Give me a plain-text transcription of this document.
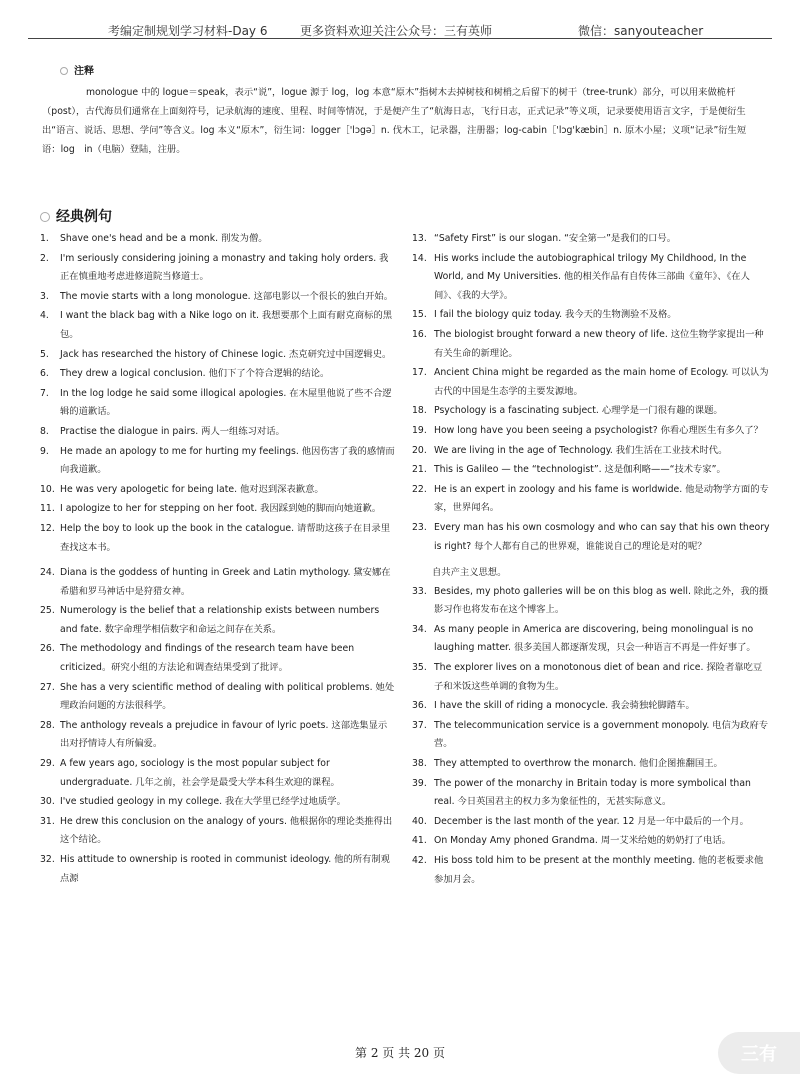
考编定制规划学习材料-Day 6	更多资料欢迎关注公众号：三有英师	微信：sanyouteacher
注释

monologue 中的 logue＝speak，表示“说”，logue 源于 log，log 本意“原木”指树木去掉树枝和树梢之后留下的树干（tree-trunk）部分，可以用来做桅杆（post），古代海员们通常在上面刻符号，记录航海的速度、里程、时间等情况，于是便产生了“航海日志，飞行日志，正式记录”等义项，记录要使用语言文字，于是便衍生出“语言、说话、思想、学问”等含义。log 本义“原木”，衍生词：logger［'lɔgə］n. 伐木工，记录器，注册器；log-cabin［'lɔg'kæbin］n. 原木小屋；义项“记录”衍生短语：log　in（电脑）登陆，注册。

经典例句
1.	Shave one's head and be a monk. 削发为僧。
2.	I'm seriously considering joining a monastry and taking holy orders. 我正在慎重地考虑进修道院当修道士。
3.	The movie starts with a long monologue. 这部电影以一个很长的独白开始。
4.	I want the black bag with a Nike logo on it. 我想要那个上面有耐克商标的黑包。
5.	Jack has researched the history of Chinese logic. 杰克研究过中国逻辑史。
6.	They drew a logical conclusion. 他们下了个符合逻辑的结论。
7.	In the log lodge he said some illogical apologies. 在木屋里他说了些不合逻辑的道歉话。
8.	Practise the dialogue in pairs. 两人一组练习对话。
9.	He made an apology to me for hurting my feelings. 他因伤害了我的感情而向我道歉。
10. He was very apologetic for being late. 他对迟到深表歉意。
11. I apologize to her for stepping on her foot. 我因踩到她的脚而向她道歉。
12. Help the boy to look up the book in the catalogue. 请帮助这孩子在目录里查找这本书。
13. “Safety First” is our slogan. “安全第一”是我们的口号。
14. His works include the autobiographical trilogy My Childhood, In the World, and My Universities. 他的相关作品有自传体三部曲《童年》、《在人间》、《我的大学》。
15. I fail the biology quiz today. 我今天的生物测验不及格。
16. The biologist brought forward a new theory of life. 这位生物学家提出一种有关生命的新理论。
17. Ancient China might be regarded as the main home of Ecology. 可以认为古代的中国是生态学的主要发源地。
18. Psychology is a fascinating subject. 心理学是一门很有趣的课题。
19. How long have you been seeing a psychologist? 你看心理医生有多久了？
20. We are living in the age of Technology. 我们生活在工业技术时代。
21. This is Galileo — the “technologist”. 这是伽利略——“技术专家”。
22. He is an expert in zoology and his fame is worldwide. 他是动物学方面的专家，世界闻名。
23. Every man has his own cosmology and who can say that his own theory is right? 每个人都有自己的世界观，谁能说自己的理论是对的呢？
24. Diana is the goddess of hunting in Greek and Latin mythology. 黛安娜在希腊和罗马神话中是狩猎女神。
25. Numerology is the belief that a relationship exists between numbers and fate. 数字命理学相信数字和命运之间存在关系。
26. The methodology and findings of the research team have been criticized。研究小组的方法论和调查结果受到了批评。
27. She has a very scientific method of dealing with political problems. 她处理政治问题的方法很科学。
28. The anthology reveals a prejudice in favour of lyric poets. 这部选集显示出对抒情诗人有所偏爱。
29. A few years ago, sociology is the most popular subject for undergraduate. 几年之前，社会学是最受大学本科生欢迎的课程。
30. I've studied geology in my college. 我在大学里已经学过地质学。
31. He drew this conclusion on the analogy of yours. 他根据你的理论类推得出这个结论。
32. His attitude to ownership is rooted in communist ideology. 他的所有制观点源
自共产主义思想。
33. Besides, my photo galleries will be on this blog as well. 除此之外，我的摄影习作也将发布在这个博客上。
34. As many people in America are discovering, being monolingual is no laughing matter. 很多美国人都逐渐发现，只会一种语言不再是一件好事了。
35. The explorer lives on a monotonous diet of bean and rice. 探险者靠吃豆子和米饭这些单调的食物为生。
36. I have the skill of riding a monocycle. 我会骑独轮脚踏车。
37. The telecommunication service is a government monopoly. 电信为政府专营。
38. They attempted to overthrow the monarch. 他们企图推翻国王。
39. The power of the monarchy in Britain today is more symbolical than real. 今日英国君主的权力多为象征性的，无甚实际意义。
40. December is the last month of the year. 12 月是一年中最后的一个月。
41. On Monday Amy phoned Grandma. 周一艾米给她的奶奶打了电话。
42. His boss told him to be present at the monthly meeting. 他的老板要求他参加月会。
第 2 页 共 20 页	三有
